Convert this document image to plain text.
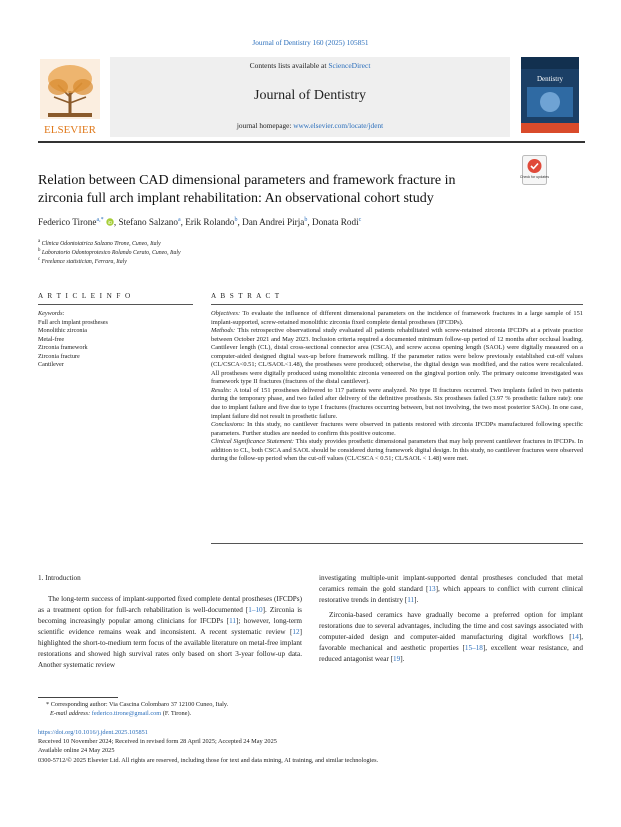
Journal of Dentistry 160 (2025) 105851
ELSEVIER
Contents lists available at ScienceDirect
Journal of Dentistry
journal homepage: www.elsevier.com/locate/jdent
Dentistry
Relation between CAD dimensional parameters and framework fracture in
zirconia full arch implant rehabilitation: An observational cohort study
Check for updates
Federico Tirone$^{a,*}$ iD , Stefano Salzano$^a$, Erik Rolando$^b$, Dan Andrei Pirja$^b$, Donata Rodi$^c$
$^a$ Clinica Odontoiatrica Salzano Tirone, Cuneo, Italy
$^b$ Laboratorio Odontoprotesico Rolando Cerato, Cuneo, Italy
$^c$ Freelance statistician, Ferrara, Italy
A R T I C L E I N F O	A B S T R A C T
Keywords:
Full arch implant prostheses
Monolithic zirconia
Metal-free
Zirconia framework
Zirconia fracture
Cantilever

Objectives: To evaluate the influence of different dimensional parameters on the incidence of framework fractures in a large sample of 151 implant-supported, screw-retained monolithic zirconia fixed complete dental prostheses (IFCDPs).

Methods: This retrospective observational study evaluated all patients rehabilitated with screw-retained zirconia IFCDPs at a private practice between October 2021 and May 2023. Inclusion criteria required a documented minimum follow-up period of 12 months after occlusal loading. Cantilever length (CL), distal cross-sectional connector area (CSCA), and screw access opening length (SAOL) were digitally measured on a computer-aided designed digital wax-up before framework milling. If the parameter ratios were below previously established cut-off values (CL/CSCA<0.51; CL/SAOL<1.48), the prostheses were produced; otherwise, the digital design was modified, and the ratios were recalculated. All prostheses were digitally produced using monolithic zirconia veneered on the gingival portion only. The primary outcome investigated was framework type II fractures (fractures of the distal cantilever).

Results: A total of 151 prostheses delivered to 117 patients were analyzed. No type II fractures occurred. Two implants failed in two patients during the temporary phase, and two failed after delivery of the definitive prosthesis. Six prostheses failed (3.97 % prosthetic failure rate): one due to implant failure and five due to type I fractures (fractures occurring between, but not involving, the two most posterior SAOs). In one case, implant failure did not result in prosthetic failure.

Conclusions: In this study, no cantilever fractures were observed in patients restored with zirconia IFCDPs manufactured following specific parameters. Further studies are needed to confirm this positive outcome.

Clinical Significance Statement: This study provides prosthetic dimensional parameters that may help prevent cantilever fractures in IFCDPs. In addition to CL, both CSCA and SAOL should be considered during framework digital design. In this study, no cantilever fractures were observed during the follow-up period when the cut-off values (CL/CSCA < 0.51; CL/SAOL < 1.48) were met.

1. Introduction

The long-term success of implant-supported fixed complete dental prostheses (IFCDPs) as a treatment option for full-arch rehabilitation is well-documented [1–10]. Zirconia is becoming increasingly popular among clinicians for IFCDPs [11]; however, long-term scientific evidence remains weak and inconsistent. A recent systematic review [12] highlighted the short-to-medium term focus of the available literature on metal-free implant restorations and showed high survival rates only based on short 3-year follow-up data. Another systematic review

investigating multiple-unit implant-supported dental prostheses concluded that metal ceramics remain the gold standard [13], which appears to conflict with current clinical restorative trends in dentistry [11].

Zirconia-based ceramics have gradually become a preferred option for implant restorations due to several advantages, including the time and cost savings associated with computer-aided design and computer-aided manufacturing digital workflows [14], favorable mechanical and aesthetic properties [15–18], excellent wear resistance, and reduced antagonist wear [19].

* Corresponding author: Via Cascina Colombaro 37 12100 Cuneo, Italy.
E-mail address: federico.tirone@gmail.com (F. Tirone).
https://doi.org/10.1016/j.jdent.2025.105851
Received 10 November 2024; Received in revised form 28 April 2025; Accepted 24 May 2025
Available online 24 May 2025
0300-5712/© 2025 Elsevier Ltd. All rights are reserved, including those for text and data mining, AI training, and similar technologies.
